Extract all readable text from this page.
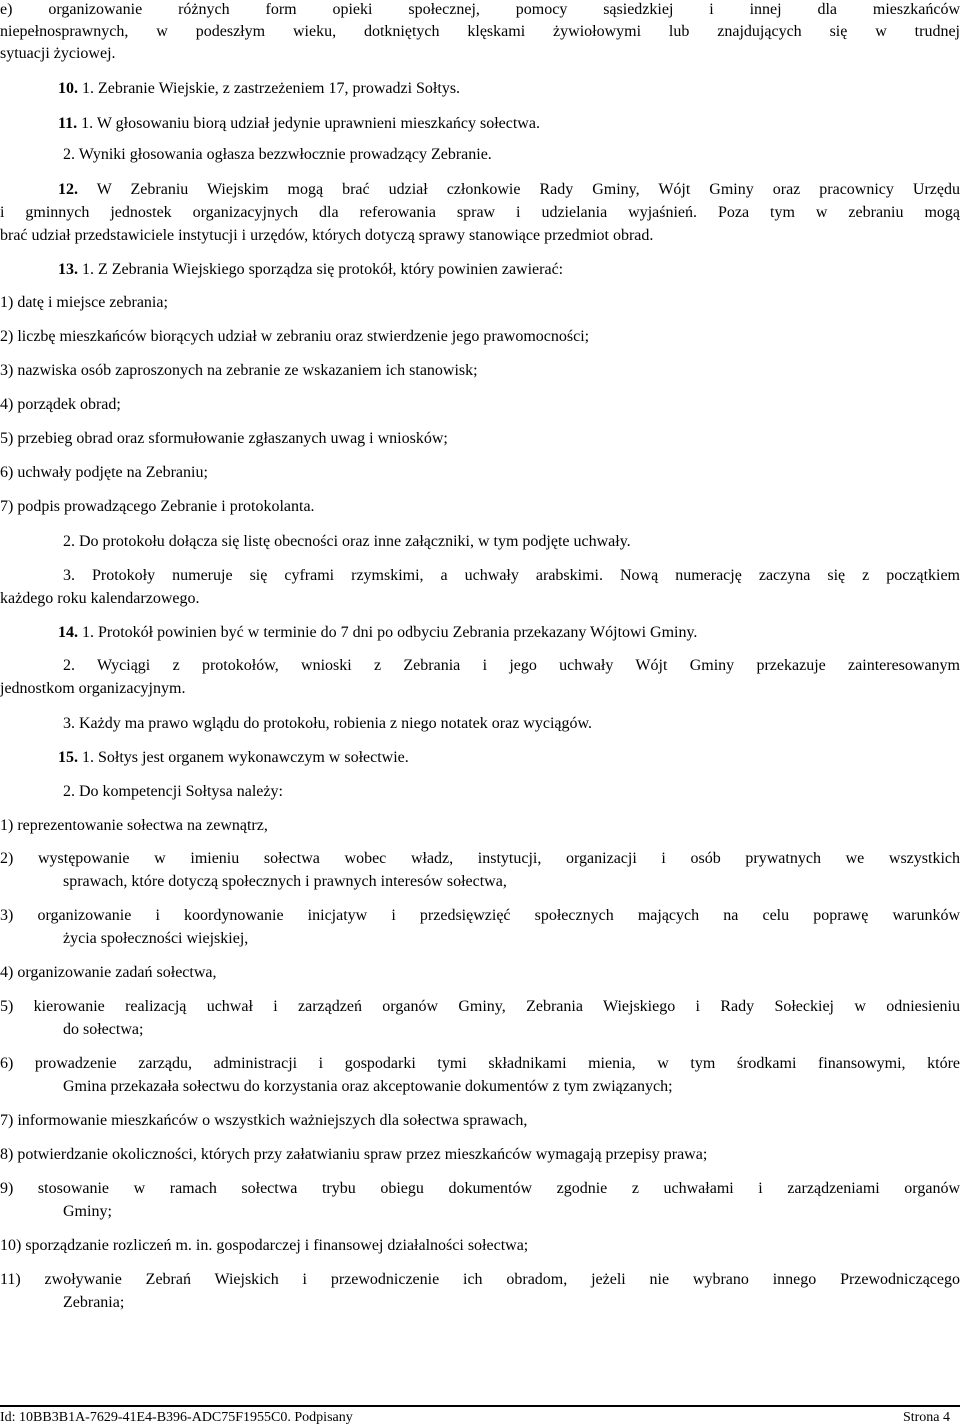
e) organizowanie różnych form opieki społecznej, pomocy sąsiedzkiej i innej dla mieszkańców
niepełnosprawnych, w podeszłym wieku, dotkniętych klęskami żywiołowymi lub znajdujących się w trudnej
sytuacji życiowej.
10. 1. Zebranie Wiejskie, z zastrzeżeniem 17, prowadzi Sołtys.
11. 1. W głosowaniu biorą udział jedynie uprawnieni mieszkańcy sołectwa.
2. Wyniki głosowania ogłasza bezzwłocznie prowadzący Zebranie.
12. W Zebraniu Wiejskim mogą brać udział członkowie Rady Gminy, Wójt Gminy oraz pracownicy Urzędu
i gminnych jednostek organizacyjnych dla referowania spraw i udzielania wyjaśnień. Poza tym w zebraniu mogą
brać udział przedstawiciele instytucji i urzędów, których dotyczą sprawy stanowiące przedmiot obrad.
13. 1. Z Zebrania Wiejskiego sporządza się protokół, który powinien zawierać:
1) datę i miejsce zebrania;
2) liczbę mieszkańców biorących udział w zebraniu oraz stwierdzenie jego prawomocności;
3) nazwiska osób zaproszonych na zebranie ze wskazaniem ich stanowisk;
4) porządek obrad;
5) przebieg obrad oraz sformułowanie zgłaszanych uwag i wniosków;
6) uchwały podjęte na Zebraniu;
7) podpis prowadzącego Zebranie i protokolanta.
2. Do protokołu dołącza się listę obecności oraz inne załączniki, w tym podjęte uchwały.
3. Protokoły numeruje się cyframi rzymskimi, a uchwały arabskimi. Nową numerację zaczyna się z początkiem
każdego roku kalendarzowego.
14. 1. Protokół powinien być w terminie do 7 dni po odbyciu Zebrania przekazany Wójtowi Gminy.
2. Wyciągi z protokołów, wnioski z Zebrania i jego uchwały Wójt Gminy przekazuje zainteresowanym
jednostkom organizacyjnym.
3. Każdy ma prawo wglądu do protokołu, robienia z niego notatek oraz wyciągów.
15. 1. Sołtys jest organem wykonawczym w sołectwie.
2. Do kompetencji Sołtysa należy:
1) reprezentowanie sołectwa na zewnątrz,
2) występowanie w imieniu sołectwa wobec władz, instytucji, organizacji i osób prywatnych we wszystkich
sprawach, które dotyczą społecznych i prawnych interesów sołectwa,
3) organizowanie i koordynowanie inicjatyw i przedsięwzięć społecznych mających na celu poprawę warunków
życia społeczności wiejskiej,
4) organizowanie zadań sołectwa,
5) kierowanie realizacją uchwał i zarządzeń organów Gminy, Zebrania Wiejskiego i Rady Sołeckiej w odniesieniu
do sołectwa;
6) prowadzenie zarządu, administracji i gospodarki tymi składnikami mienia, w tym środkami finansowymi, które
Gmina przekazała sołectwu do korzystania oraz akceptowanie dokumentów z tym związanych;
7) informowanie mieszkańców o wszystkich ważniejszych dla sołectwa sprawach,
8) potwierdzanie okoliczności, których przy załatwianiu spraw przez mieszkańców wymagają przepisy prawa;
9) stosowanie w ramach sołectwa trybu obiegu dokumentów zgodnie z uchwałami i zarządzeniami organów
Gminy;
10) sporządzanie rozliczeń m. in. gospodarczej i finansowej działalności sołectwa;
11) zwoływanie Zebrań Wiejskich i przewodniczenie ich obradom, jeżeli nie wybrano innego Przewodniczącego
Zebrania;
Id: 10BB3B1A-7629-41E4-B396-ADC75F1955C0. Podpisany	Strona 4
